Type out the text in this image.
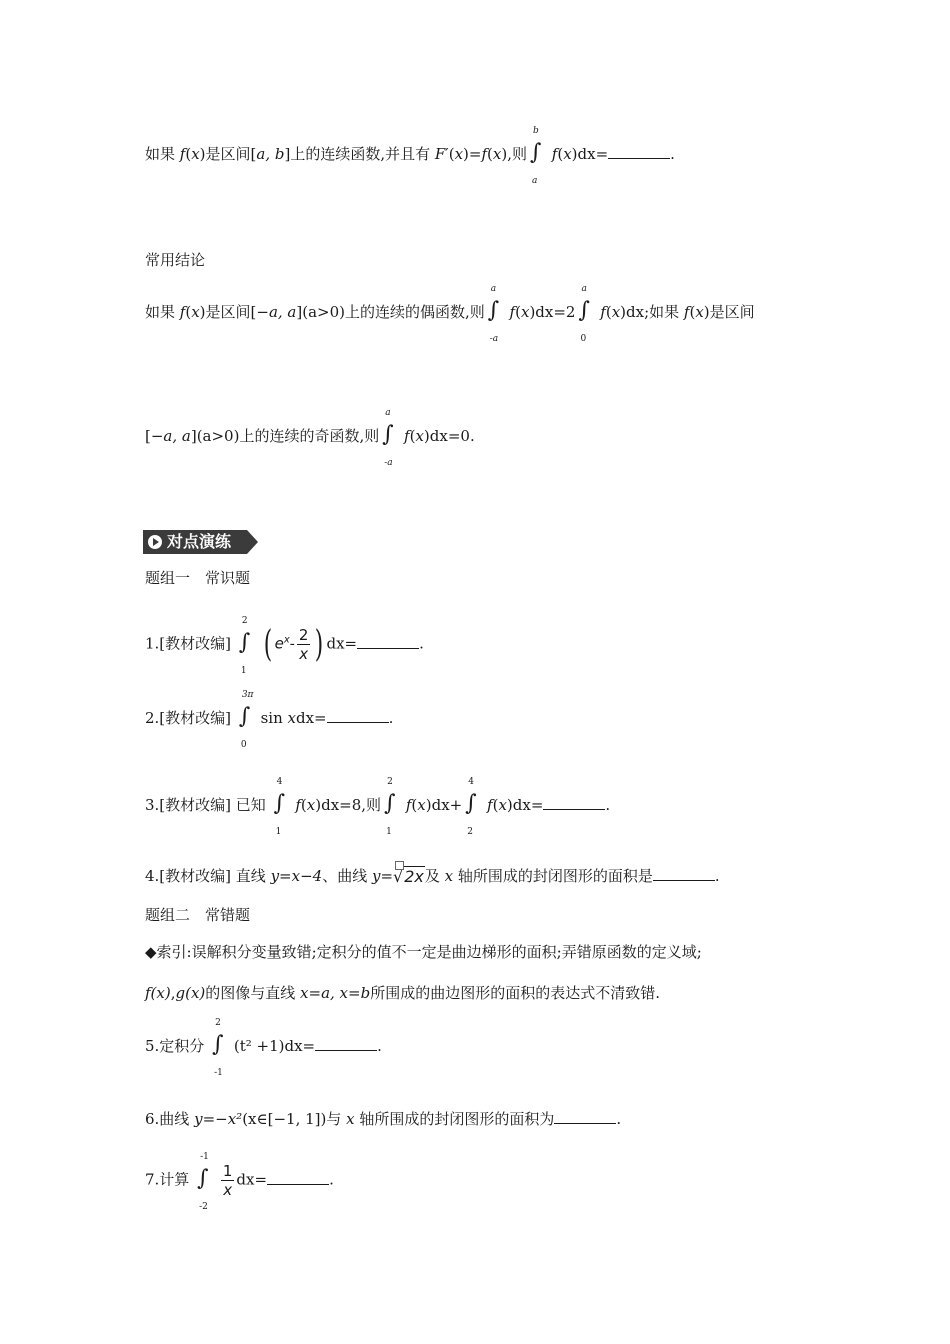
如果 f(x)是区间[a, b]上的连续函数,并且有 F′(x)=f(x),则
b
∫
a
f(x)dx=	.
常用结论
如果 f(x)是区间[−a, a](a>0)上的连续的偶函数,则
a
∫
-a
f(x)dx=2
a
∫
0
f(x)dx;如果 f(x)是区间
[−a, a](a>0)上的连续的奇函数,则
a
∫
-a
f(x)dx=0.
对点演练
题组一　常识题
1.[教材改编]
2
∫
1
( $e^x- \frac{2}{x}$ ) dx=	.
2.[教材改编]
3π
∫
0
sin xdx=	.
3.[教材改编] 已知
4
∫
1
f(x)dx=8,则
2
∫
1
f(x)dx+
4
∫
2
f(x)dx=	.
4.[教材改编] 直线 y=x−4、曲线 y=
√2x及 x 轴所围成的封闭图形的面积是	.
题组二　常错题
◆索引:误解积分变量致错;定积分的值不一定是曲边梯形的面积;弄错原函数的定义域;
f(x),g(x)的图像与直线 x=a, x=b所围成的曲边图形的面积的表达式不清致错.
5.定积分
2
∫
-1
(t² +1)dx=	.
6.曲线 y=−x²(x∈[−1, 1])与 x 轴所围成的封闭图形的面积为	.
7.计算
-1
∫
-2

$\frac{1}{x} dx=$	.
